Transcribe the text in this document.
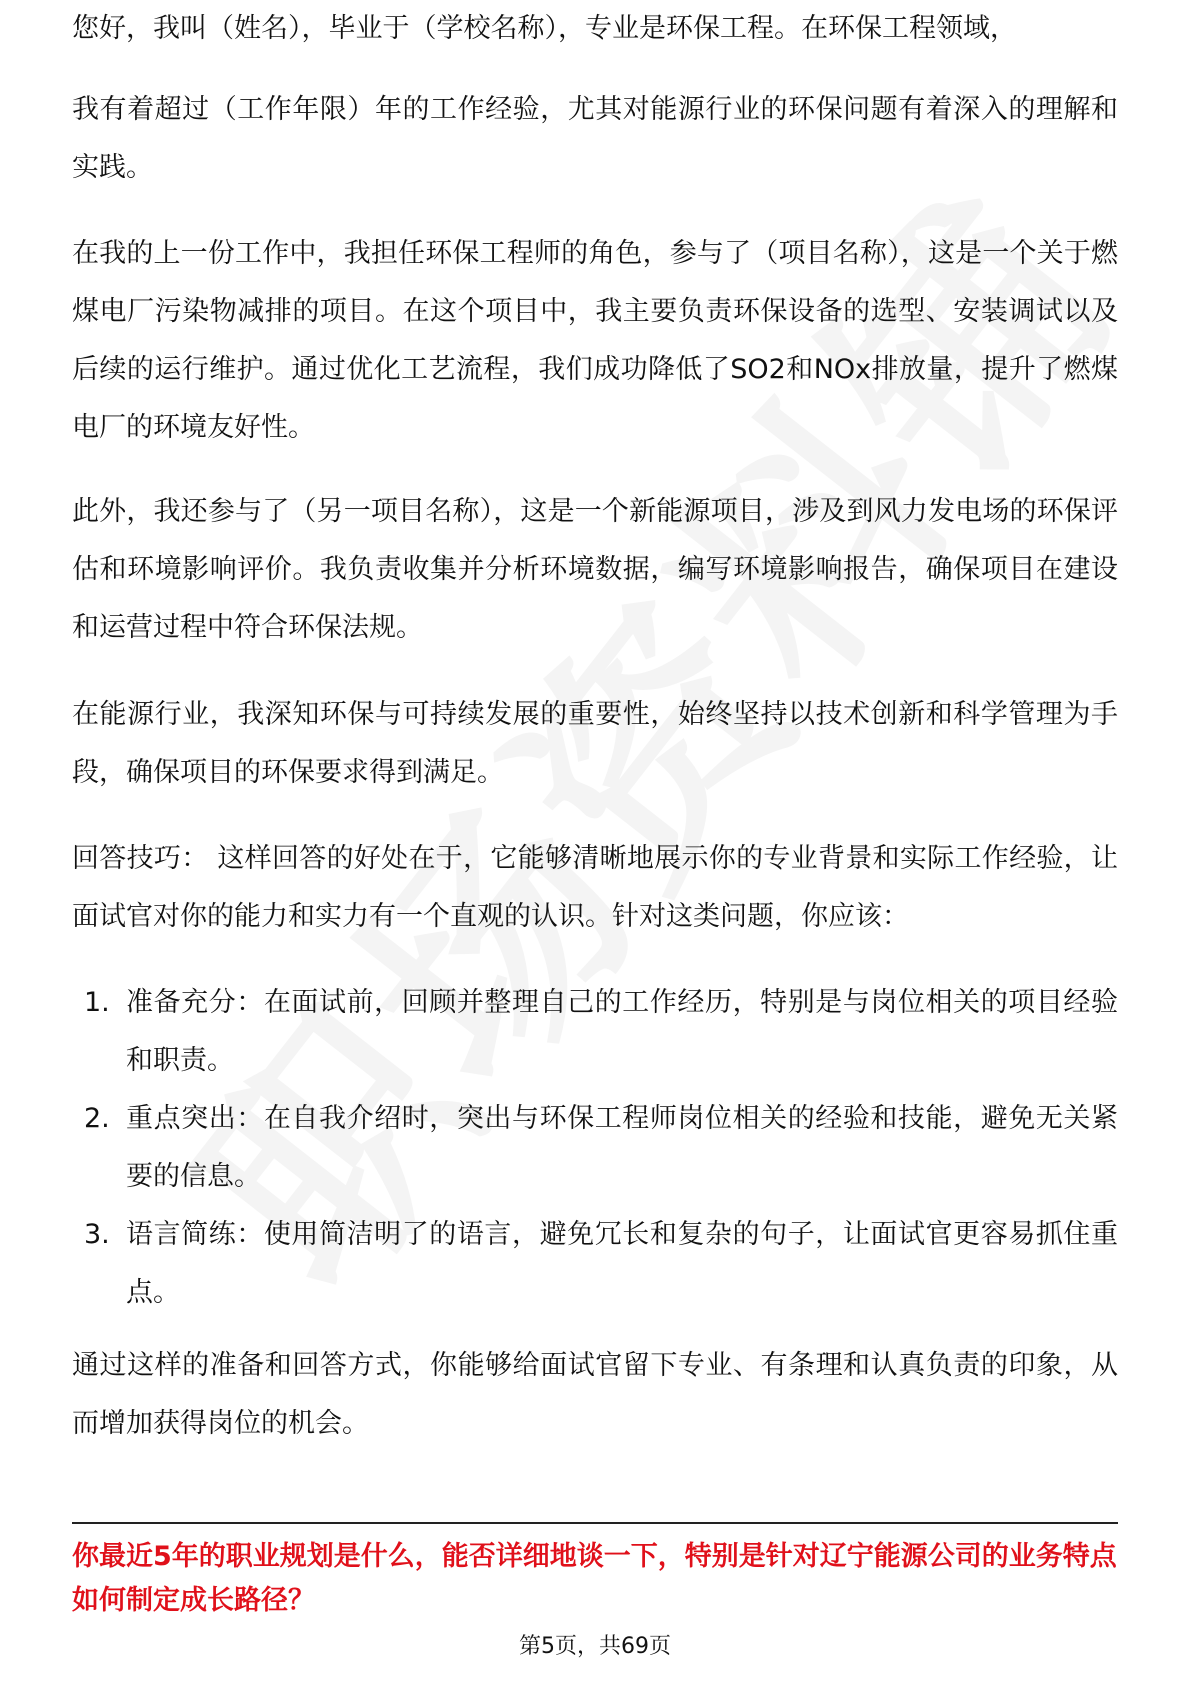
您好，我叫（姓名），毕业于（学校名称），专业是环保工程。在环保工程领域，

我有着超过（工作年限）年的工作经验，尤其对能源行业的环保问题有着深入的理解和实践。

在我的上一份工作中，我担任环保工程师的角色，参与了（项目名称），这是一个关于燃煤电厂污染物减排的项目。在这个项目中，我主要负责环保设备的选型、安装调试以及后续的运行维护。通过优化工艺流程，我们成功降低了SO2和NOx排放量，提升了燃煤电厂的环境友好性。

此外，我还参与了（另一项目名称），这是一个新能源项目，涉及到风力发电场的环保评估和环境影响评价。我负责收集并分析环境数据，编写环境影响报告，确保项目在建设和运营过程中符合环保法规。

在能源行业，我深知环保与可持续发展的重要性，始终坚持以技术创新和科学管理为手段，确保项目的环保要求得到满足。

回答技巧： 这样回答的好处在于，它能够清晰地展示你的专业背景和实际工作经验，让面试官对你的能力和实力有一个直观的认识。针对这类问题，你应该：

1. 准备充分：在面试前，回顾并整理自己的工作经历，特别是与岗位相关的项目经验和职责。
2. 重点突出：在自我介绍时，突出与环保工程师岗位相关的经验和技能，避免无关紧要的信息。
3. 语言简练：使用简洁明了的语言，避免冗长和复杂的句子，让面试官更容易抓住重点。

通过这样的准备和回答方式，你能够给面试官留下专业、有条理和认真负责的印象，从而增加获得岗位的机会。

你最近5年的职业规划是什么，能否详细地谈一下，特别是针对辽宁能源公司的业务特点如何制定成长路径？
第5页，共69页
